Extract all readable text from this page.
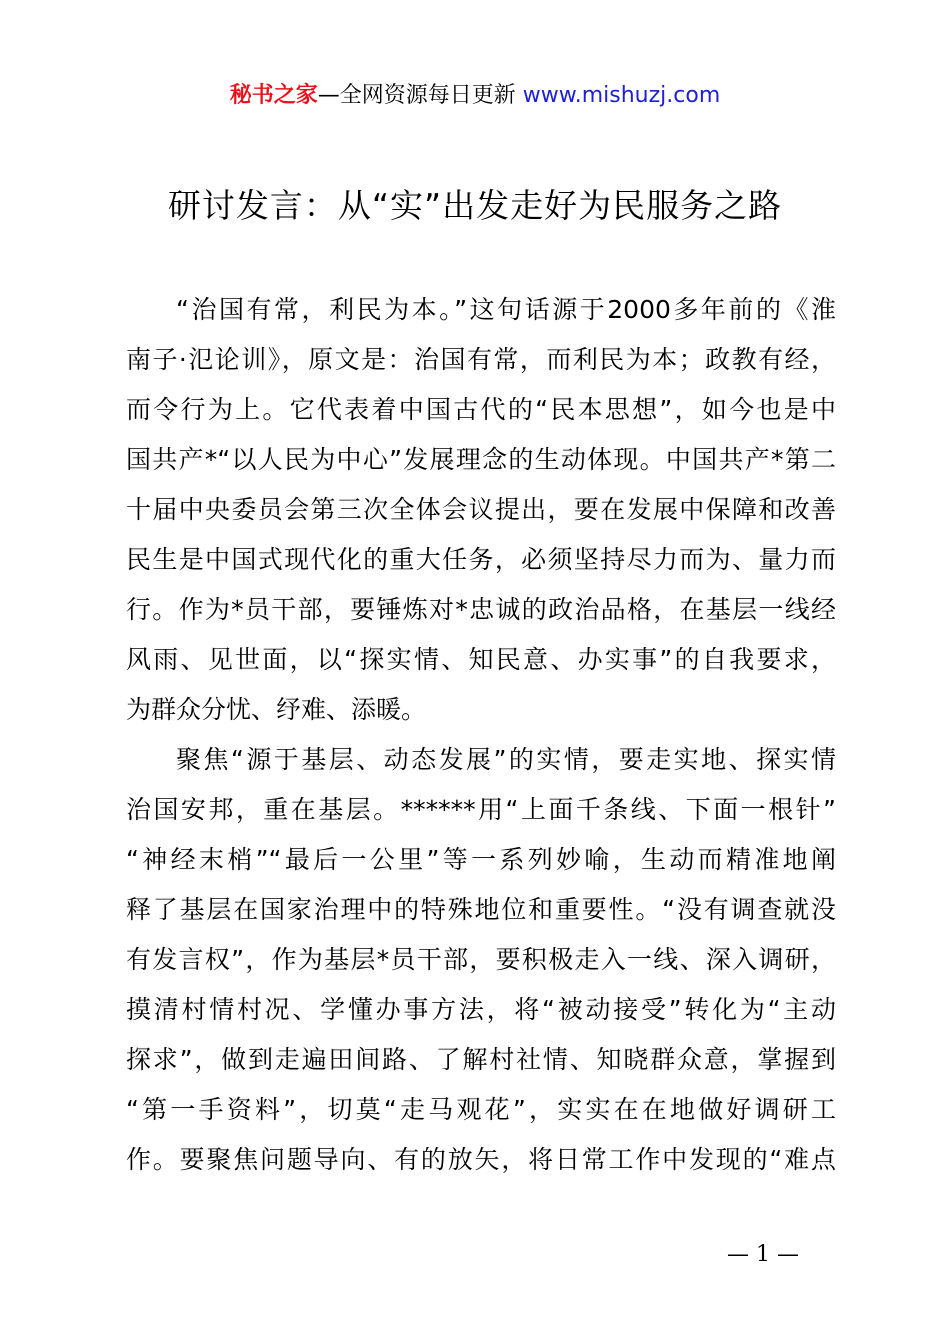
秘书之家—全网资源每日更新 www.mishuzj.com
研讨发言：从“实”出发走好为民服务之路
“治国有常，利民为本。”这句话源于2000多年前的《淮
南子·氾论训》，原文是：治国有常，而利民为本；政教有经，
而令行为上。它代表着中国古代的“民本思想”，如今也是中
国共产*“以人民为中心”发展理念的生动体现。中国共产*第二
十届中央委员会第三次全体会议提出，要在发展中保障和改善
民生是中国式现代化的重大任务，必须坚持尽力而为、量力而
行。作为*员干部，要锤炼对*忠诚的政治品格，在基层一线经
风雨、见世面，以“探实情、知民意、办实事”的自我要求，
为群众分忧、纾难、添暖。
聚焦“源于基层、动态发展”的实情，要走实地、探实情
治国安邦，重在基层。******用“上面千条线、下面一根针”
“神经末梢”“最后一公里”等一系列妙喻，生动而精准地阐
释了基层在国家治理中的特殊地位和重要性。“没有调查就没
有发言权”，作为基层*员干部，要积极走入一线、深入调研，
摸清村情村况、学懂办事方法，将“被动接受”转化为“主动
探求”，做到走遍田间路、了解村社情、知晓群众意，掌握到
“第一手资料”，切莫“走马观花”，实实在在地做好调研工
作。要聚焦问题导向、有的放矢，将日常工作中发现的“难点
— 1 —
